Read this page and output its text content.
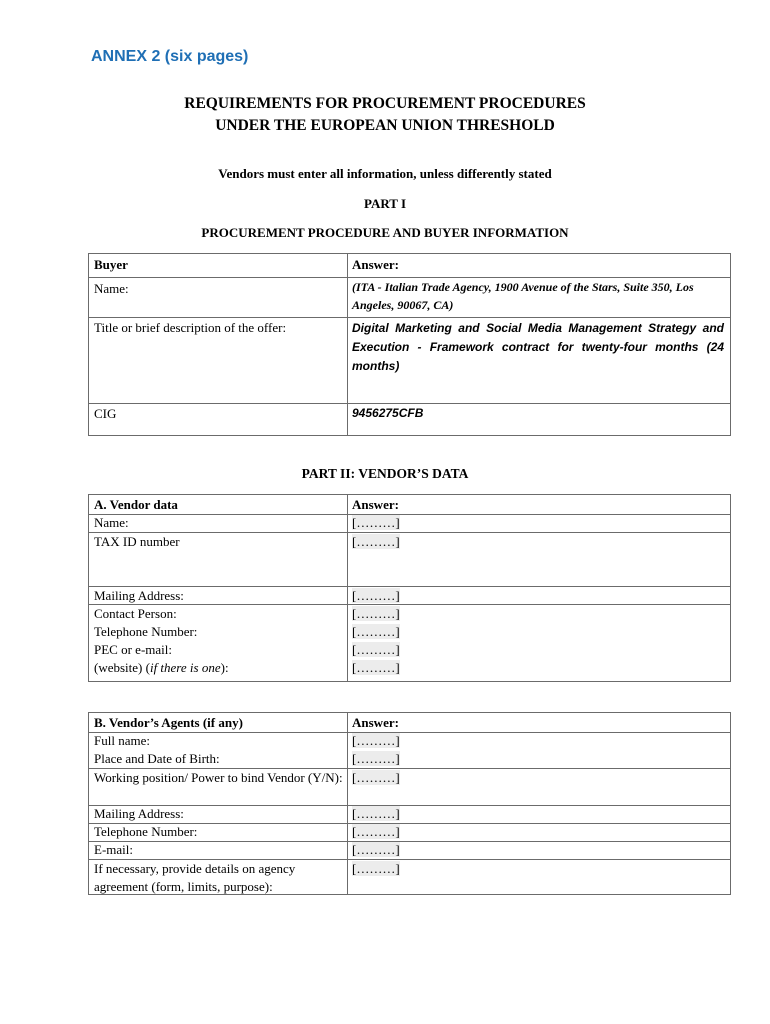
ANNEX 2 (six pages)
REQUIREMENTS FOR PROCUREMENT PROCEDURES
UNDER THE EUROPEAN UNION THRESHOLD
Vendors must enter all information, unless differently stated
PART I
PROCUREMENT PROCEDURE AND BUYER INFORMATION
Buyer	Answer:
Name:	(ITA - Italian Trade Agency, 1900 Avenue of the Stars, Suite 350, Los Angeles, 90067, CA)
Title or brief description of the offer:	Digital Marketing and Social Media Management Strategy and Execution - Framework contract for twenty-four months (24 months)
CIG	9456275CFB
PART II: VENDOR’S DATA
A. Vendor data	Answer:
Name:	[………]
TAX ID number	[………]
Mailing Address:	[………]
Contact Person:	[………]
Telephone Number:	[………]
PEC or e-mail:	[………]
(website) (if there is one):	[………]
B. Vendor’s Agents (if any)	Answer:
Full name:	[………]
Place and Date of Birth:	[………]
Working position/ Power to bind Vendor (Y/N): [………]
Mailing Address:	[………]
Telephone Number:	[………]
E-mail:	[………]
If necessary, provide details on agency agreement (form, limits, purpose):
[………]
